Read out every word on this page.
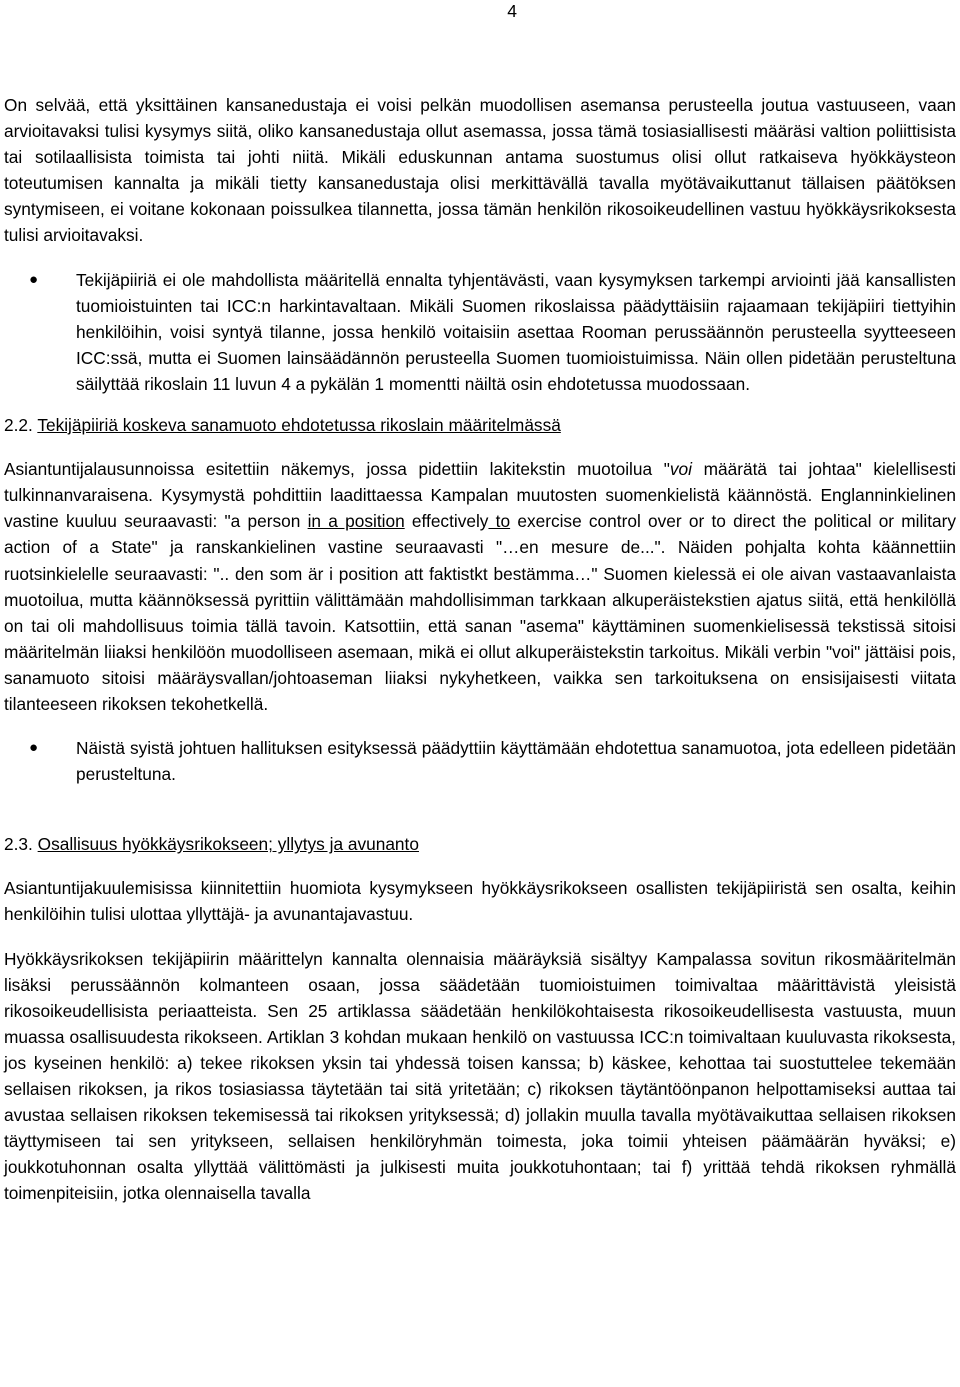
4

On selvää, että yksittäinen kansanedustaja ei voisi pelkän muodollisen asemansa perusteella joutua vastuuseen, vaan arvioitavaksi tulisi kysymys siitä, oliko kansanedustaja ollut asemassa, jossa tämä tosiasiallisesti määräsi valtion poliittisista tai sotilaallisista toimista tai johti niitä. Mikäli eduskunnan antama suostumus olisi ollut ratkaiseva hyökkäysteon toteutumisen kannalta ja mikäli tietty kansanedustaja olisi merkittävällä tavalla myötävaikuttanut tällaisen päätöksen syntymiseen, ei voitane kokonaan poissulkea tilannetta, jossa tämän henkilön rikosoikeudellinen vastuu hyökkäysrikoksesta tulisi arvioitavaksi.

● Tekijäpiiriä ei ole mahdollista määritellä ennalta tyhjentävästi, vaan kysymyksen tarkempi arviointi jää kansallisten tuomioistuinten tai ICC:n harkintavaltaan. Mikäli Suomen rikoslaissa päädyttäisiin rajaamaan tekijäpiiri tiettyihin henkilöihin, voisi syntyä tilanne, jossa henkilö voitaisiin asettaa Rooman perussäännön perusteella syytteeseen ICC:ssä, mutta ei Suomen lainsäädännön perusteella Suomen tuomioistuimissa. Näin ollen pidetään perusteltuna säilyttää rikoslain 11 luvun 4 a pykälän 1 momentti näiltä osin ehdotetussa muodossaan.

2.2. Tekijäpiiriä koskeva sanamuoto ehdotetussa rikoslain määritelmässä

Asiantuntijalausunnoissa esitettiin näkemys, jossa pidettiin lakitekstin muotoilua "voi määrätä tai johtaa" kielellisesti tulkinnanvaraisena. Kysymystä pohdittiin laadittaessa Kampalan muutosten suomenkielistä käännöstä. Englanninkielinen vastine kuuluu seuraavasti: "a person in a position effectively to exercise control over or to direct the political or military action of a State" ja ranskankielinen vastine seuraavasti "…en mesure de...". Näiden pohjalta kohta käännettiin ruotsinkielelle seuraavasti: ".. den som är i position att faktistkt bestämma…" Suomen kielessä ei ole aivan vastaavanlaista muotoilua, mutta käännöksessä pyrittiin välittämään mahdollisimman tarkkaan alkuperäistekstien ajatus siitä, että henkilöllä on tai oli mahdollisuus toimia tällä tavoin. Katsottiin, että sanan "asema" käyttäminen suomenkielisessä tekstissä sitoisi määritelmän liiaksi henkilöön muodolliseen asemaan, mikä ei ollut alkuperäistekstin tarkoitus. Mikäli verbin "voi" jättäisi pois, sanamuoto sitoisi määräysvallan/johtoaseman liiaksi nykyhetkeen, vaikka sen tarkoituksena on ensisijaisesti viitata tilanteeseen rikoksen tekohetkellä.

● Näistä syistä johtuen hallituksen esityksessä päädyttiin käyttämään ehdotettua sanamuotoa, jota edelleen pidetään perusteltuna.

2.3. Osallisuus hyökkäysrikokseen; yllytys ja avunanto

Asiantuntijakuulemisissa kiinnitettiin huomiota kysymykseen hyökkäysrikokseen osallisten tekijäpiiristä sen osalta, keihin henkilöihin tulisi ulottaa yllyttäjä- ja avunantajavastuu.

Hyökkäysrikoksen tekijäpiirin määrittelyn kannalta olennaisia määräyksiä sisältyy Kampalassa sovitun rikosmääritelmän lisäksi perussäännön kolmanteen osaan, jossa säädetään tuomioistuimen toimivaltaa määrittävistä yleisistä rikosoikeudellisista periaatteista. Sen 25 artiklassa säädetään henkilökohtaisesta rikosoikeudellisesta vastuusta, muun muassa osallisuudesta rikokseen. Artiklan 3 kohdan mukaan henkilö on vastuussa ICC:n toimivaltaan kuuluvasta rikoksesta, jos kyseinen henkilö: a) tekee rikoksen yksin tai yhdessä toisen kanssa; b) käskee, kehottaa tai suostuttelee tekemään sellaisen rikoksen, ja rikos tosiasiassa täytetään tai sitä yritetään; c) rikoksen täytäntöönpanon helpottamiseksi auttaa tai avustaa sellaisen rikoksen tekemisessä tai rikoksen yrityksessä; d) jollakin muulla tavalla myötävaikuttaa sellaisen rikoksen täyttymiseen tai sen yritykseen, sellaisen henkilöryhmän toimesta, joka toimii yhteisen päämäärän hyväksi; e) joukkotuhonnan osalta yllyttää välittömästi ja julkisesti muita joukkotuhontaan; tai f) yrittää tehdä rikoksen ryhmällä toimenpiteisiin, jotka olennaisella tavalla
